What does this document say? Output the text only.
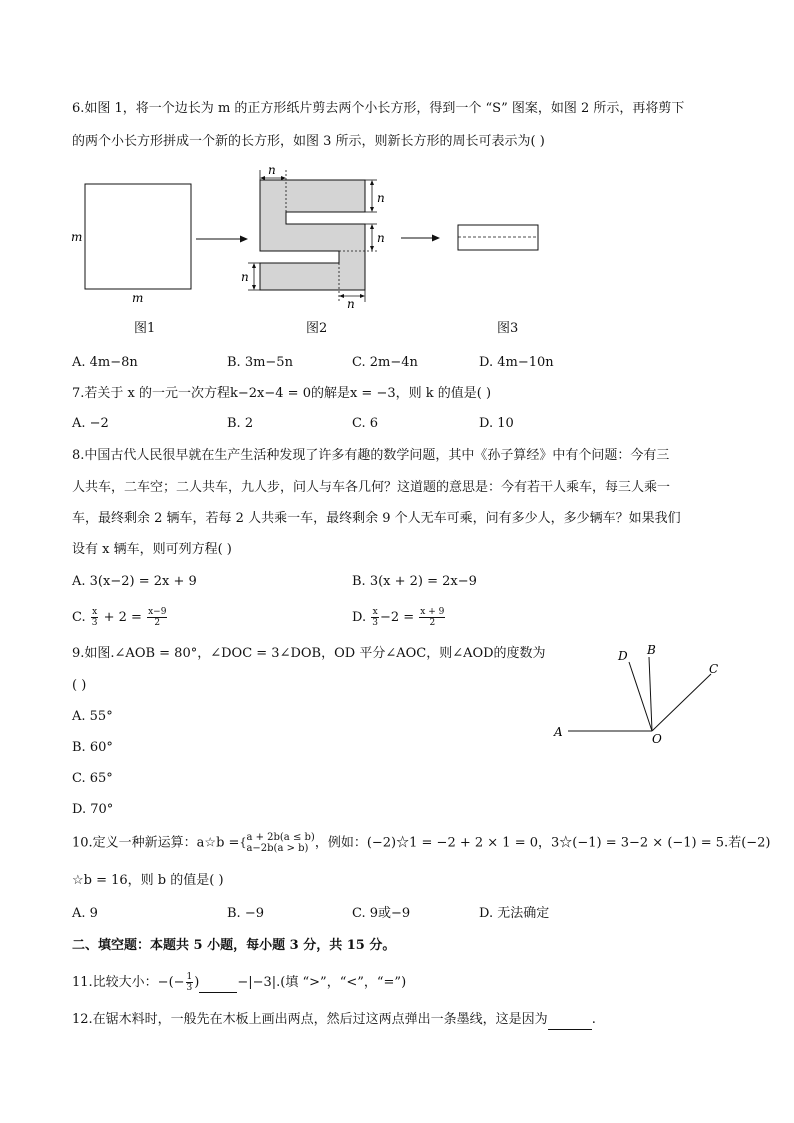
6.如图 1，将一个边长为 m 的正方形纸片剪去两个小长方形，得到一个 “S” 图案，如图 2 所示，再将剪下
的两个小长方形拼成一个新的长方形，如图 3 所示，则新长方形的周长可表示为( )
m
m
n
n
n
n
n
图1	图2	图3
A. 4m−8n	B. 3m−5n	C. 2m−4n	D. 4m−10n
7.若关于 x 的一元一次方程k−2x−4 = 0的解是x = −3，则 k 的值是( )
A. −2	B. 2	C. 6	D. 10
8.中国古代人民很早就在生产生活种发现了许多有趣的数学问题，其中《孙子算经》中有个问题：今有三
人共车，二车空；二人共车，九人步，问人与车各几何？这道题的意思是：今有若干人乘车，每三人乘一
车，最终剩余 2 辆车，若每 2 人共乘一车，最终剩余 9 个人无车可乘，问有多少人，多少辆车？如果我们
设有 x 辆车，则可列方程( )
A. 3(x−2) = 2x + 9	B. 3(x + 2) = 2x−9
C. $\frac{x}{3} + 2 = \frac{x-9}{2}$	D. $\frac{x}{3} -2 = \frac{x + 9}{2}$
9.如图.∠AOB = 80°，∠DOC = 3∠DOB，OD 平分∠AOC，则∠AOD的度数为
( )
A. 55°
B. 60°
C. 65°
D. 70°
A	O
D B
C
10.定义一种新运算：a☆b ={ a + 2b(a ≤ b)
a−2b(a > b) ，例如：(−2)☆1 = −2 + 2 × 1 = 0，3☆(−1) = 3−2 × (−1) = 5.若(−2)
☆b = 16，则 b 的值是( )
A. 9	B. −9	C. 9或−9	D. 无法确定
二、填空题：本题共 5 小题，每小题 3 分，共 15 分。
11.比较大小：−(− $\frac{1}{3}$ )	−|−3|.(填 “>”，“<”，“=”)
12.在锯木料时，一般先在木板上画出两点，然后过这两点弹出一条墨线，这是因为	.
